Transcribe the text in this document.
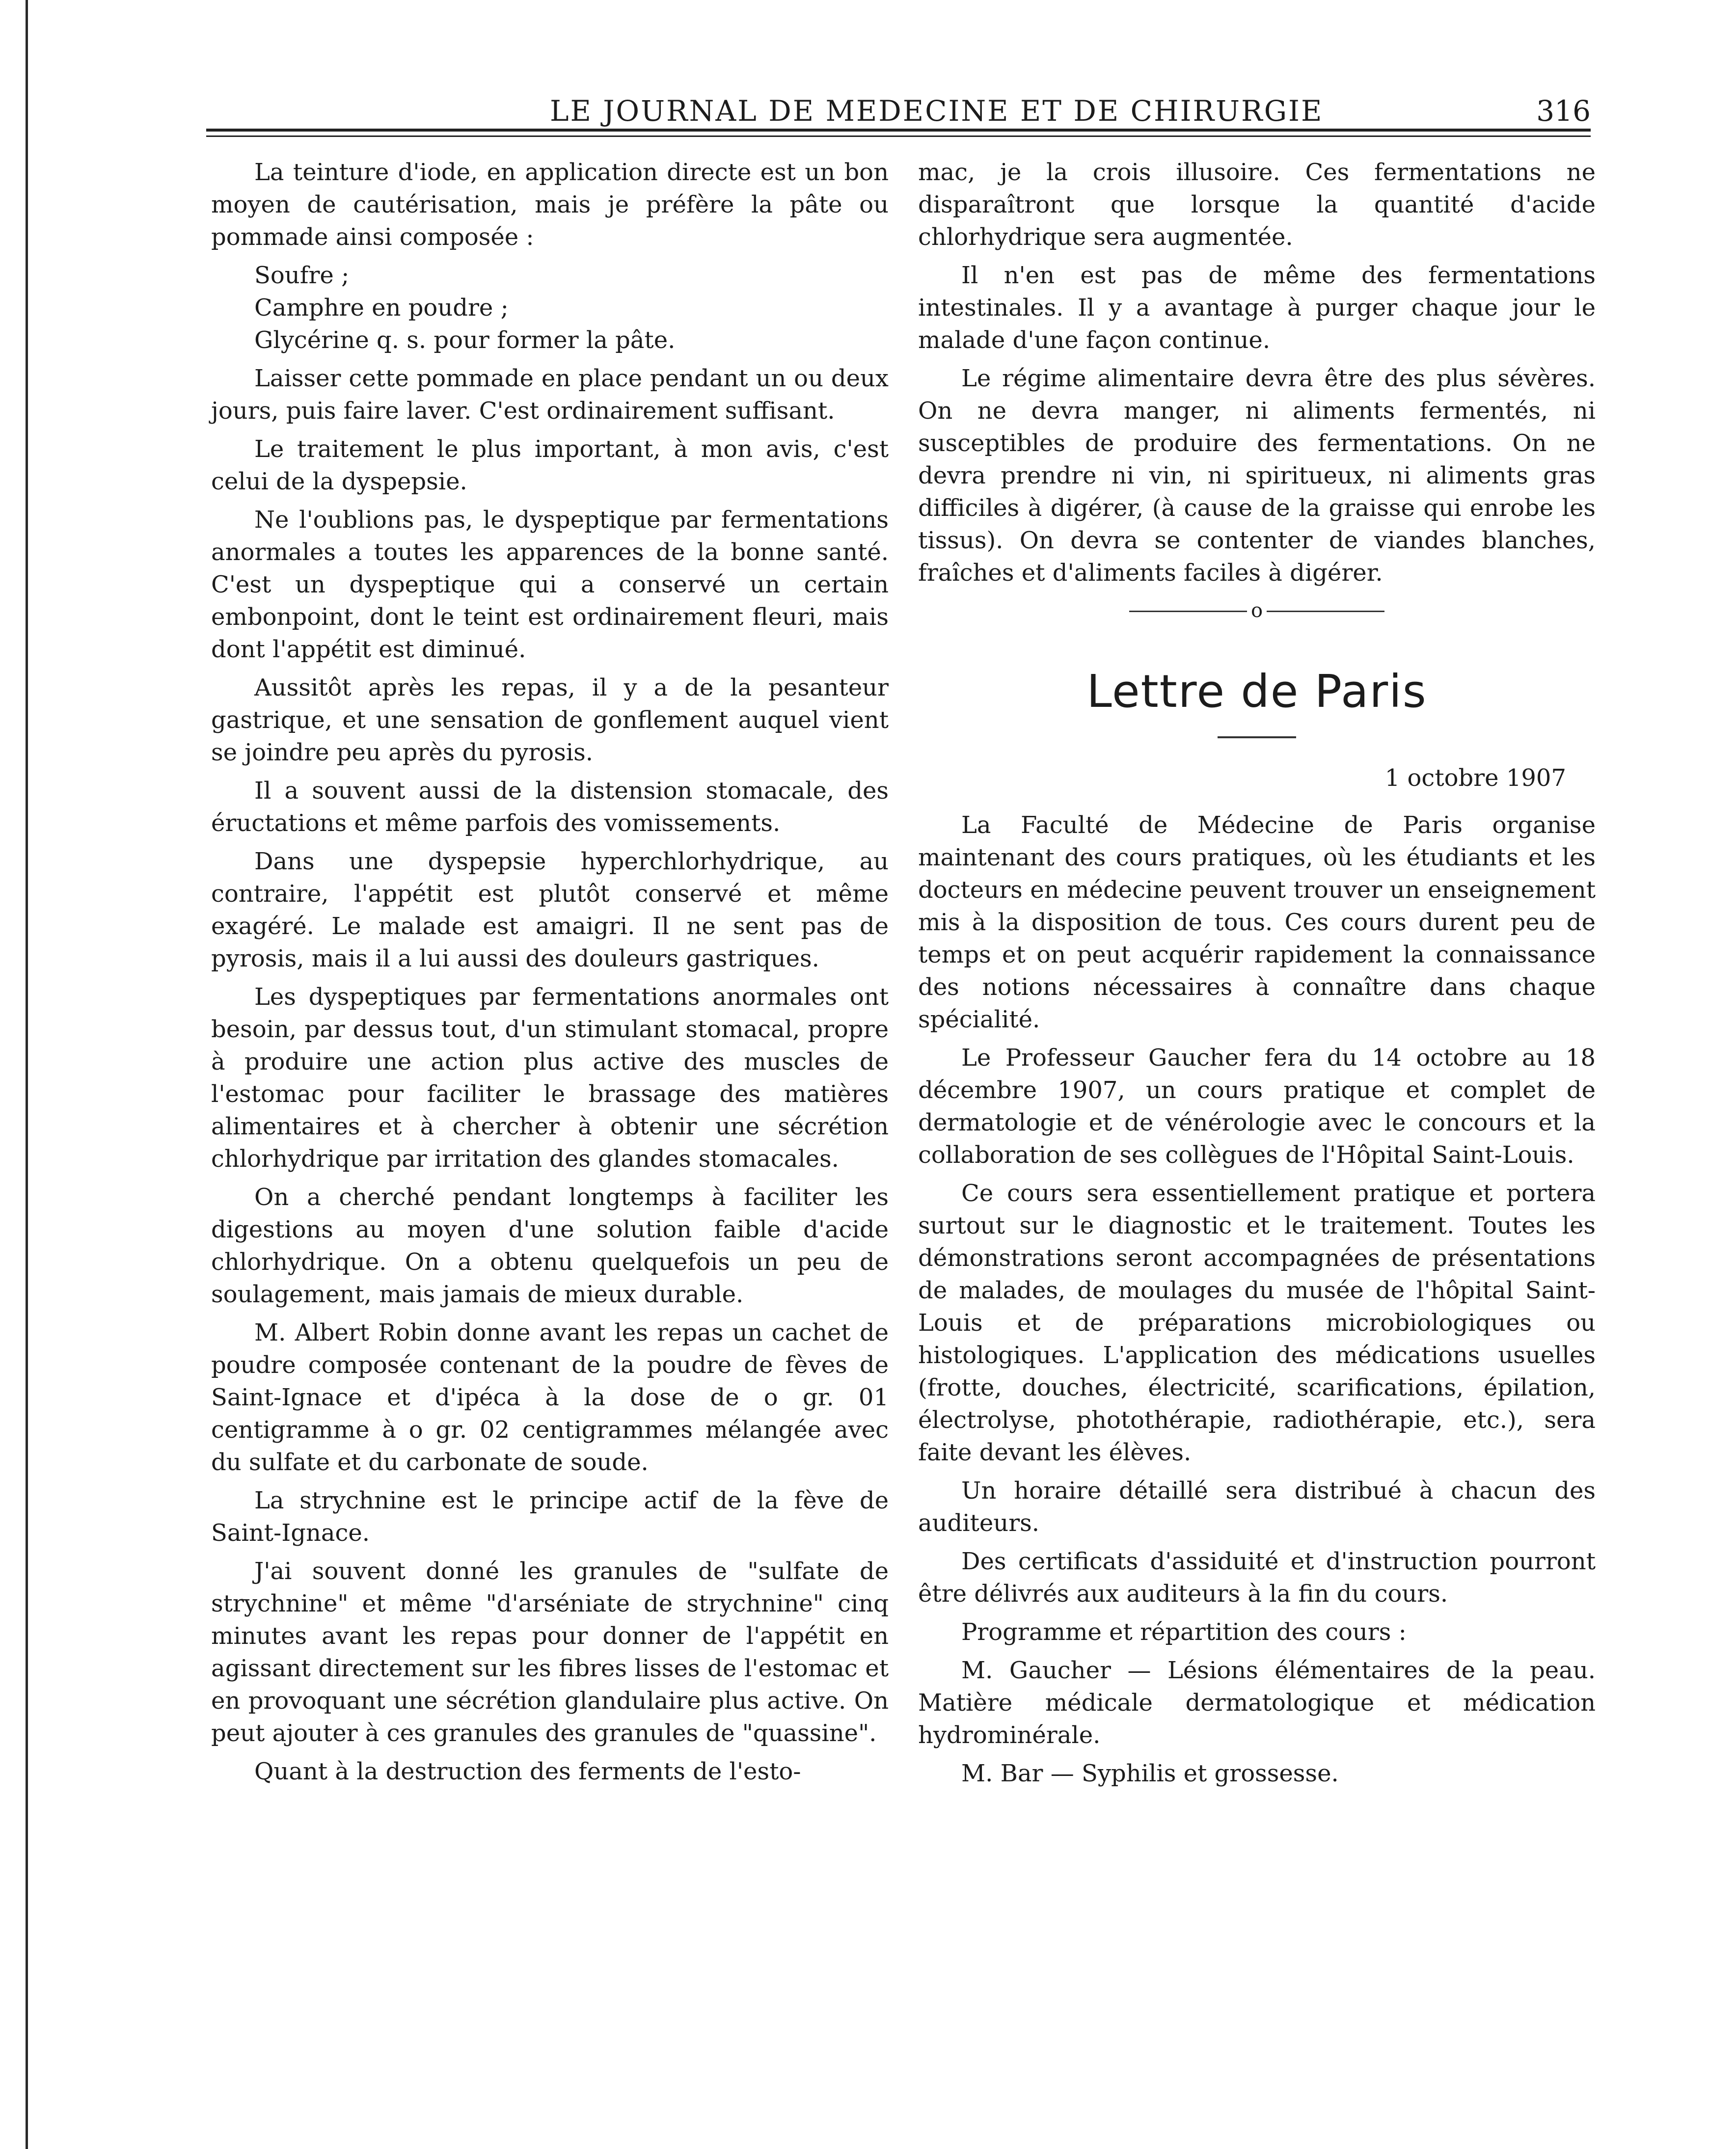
LE JOURNAL DE MEDECINE ET DE CHIRURGIE	316

La teinture d'iode, en application directe est un bon moyen de cautérisation, mais je préfère la pâte ou pommade ainsi composée :

Soufre ;

Camphre en poudre ;

Glycérine q. s. pour former la pâte.

Laisser cette pommade en place pendant un ou deux jours, puis faire laver. C'est ordinairement suffisant.

Le traitement le plus important, à mon avis, c'est celui de la dyspepsie.

Ne l'oublions pas, le dyspeptique par fermentations anormales a toutes les apparences de la bonne santé. C'est un dyspeptique qui a conservé un certain embonpoint, dont le teint est ordinairement fleuri, mais dont l'appétit est diminué.

Aussitôt après les repas, il y a de la pesanteur gastrique, et une sensation de gonflement auquel vient se joindre peu après du pyrosis.

Il a souvent aussi de la distension stomacale, des éructations et même parfois des vomissements.

Dans une dyspepsie hyperchlorhydrique, au contraire, l'appétit est plutôt conservé et même exagéré. Le malade est amaigri. Il ne sent pas de pyrosis, mais il a lui aussi des douleurs gastriques.

Les dyspeptiques par fermentations anormales ont besoin, par dessus tout, d'un stimulant stomacal, propre à produire une action plus active des muscles de l'estomac pour faciliter le brassage des matières alimentaires et à chercher à obtenir une sécrétion chlorhydrique par irritation des glandes stomacales.

On a cherché pendant longtemps à faciliter les digestions au moyen d'une solution faible d'acide chlorhydrique. On a obtenu quelquefois un peu de soulagement, mais jamais de mieux durable.

M. Albert Robin donne avant les repas un cachet de poudre composée contenant de la poudre de fèves de Saint-Ignace et d'ipéca à la dose de o gr. 01 centigramme à o gr. 02 centigrammes mélangée avec du sulfate et du carbonate de soude.

La strychnine est le principe actif de la fève de Saint-Ignace.

J'ai souvent donné les granules de "sulfate de strychnine" et même "d'arséniate de strychnine" cinq minutes avant les repas pour donner de l'appétit en agissant directement sur les fibres lisses de l'estomac et en provoquant une sécrétion glandulaire plus active. On peut ajouter à ces granules des granules de "quassine".

Quant à la destruction des ferments de l'esto-

mac, je la crois illusoire. Ces fermentations ne disparaîtront que lorsque la quantité d'acide chlorhydrique sera augmentée.

Il n'en est pas de même des fermentations intestinales. Il y a avantage à purger chaque jour le malade d'une façon continue.

Le régime alimentaire devra être des plus sévères. On ne devra manger, ni aliments fermentés, ni susceptibles de produire des fermentations. On ne devra prendre ni vin, ni spiritueux, ni aliments gras difficiles à digérer, (à cause de la graisse qui enrobe les tissus). On devra se contenter de viandes blanches, fraîches et d'aliments faciles à digérer.

o
Lettre de Paris
1 octobre 1907

La Faculté de Médecine de Paris organise maintenant des cours pratiques, où les étudiants et les docteurs en médecine peuvent trouver un enseignement mis à la disposition de tous. Ces cours durent peu de temps et on peut acquérir rapidement la connaissance des notions nécessaires à connaître dans chaque spécialité.

Le Professeur Gaucher fera du 14 octobre au 18 décembre 1907, un cours pratique et complet de dermatologie et de vénérologie avec le concours et la collaboration de ses collègues de l'Hôpital Saint-Louis.

Ce cours sera essentiellement pratique et portera surtout sur le diagnostic et le traitement. Toutes les démonstrations seront accompagnées de présentations de malades, de moulages du musée de l'hôpital Saint-Louis et de préparations microbiologiques ou histologiques. L'application des médications usuelles (frotte, douches, électricité, scarifications, épilation, électrolyse, photothérapie, radiothérapie, etc.), sera faite devant les élèves.

Un horaire détaillé sera distribué à chacun des auditeurs.

Des certificats d'assiduité et d'instruction pourront être délivrés aux auditeurs à la fin du cours.

Programme et répartition des cours :

M. Gaucher — Lésions élémentaires de la peau. Matière médicale dermatologique et médication hydrominérale.

M. Bar — Syphilis et grossesse.
